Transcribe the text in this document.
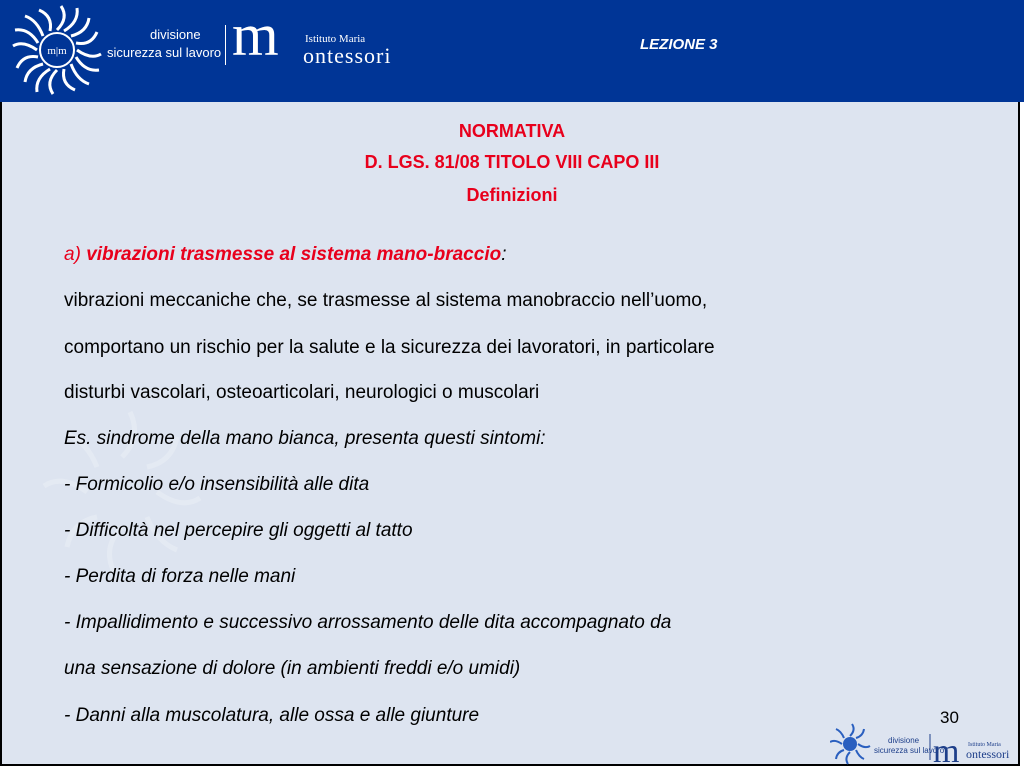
m|m
divisione
sicurezza sul lavoro m Istituto Maria
ontessori	LEZIONE 3
NORMATIVA
D. LGS. 81/08 TITOLO VIII CAPO III
Definizioni
a) vibrazioni trasmesse al sistema mano-braccio:
vibrazioni meccaniche che, se trasmesse al sistema manobraccio nell’uomo,
comportano un rischio per la salute e la sicurezza dei lavoratori, in particolare
disturbi vascolari, osteoarticolari, neurologici o muscolari
Es. sindrome della mano bianca, presenta questi sintomi:
- Formicolio e/o insensibilità alle dita
- Difficoltà nel percepire gli oggetti al tatto
- Perdita di forza nelle mani
- Impallidimento e successivo arrossamento delle dita accompagnato da
una sensazione di dolore (in ambienti freddi e/o umidi)
- Danni alla muscolatura, alle ossa e alle giunture	30
divisione
sicurezza sul lavoro
m Istituto Maria
ontessori
